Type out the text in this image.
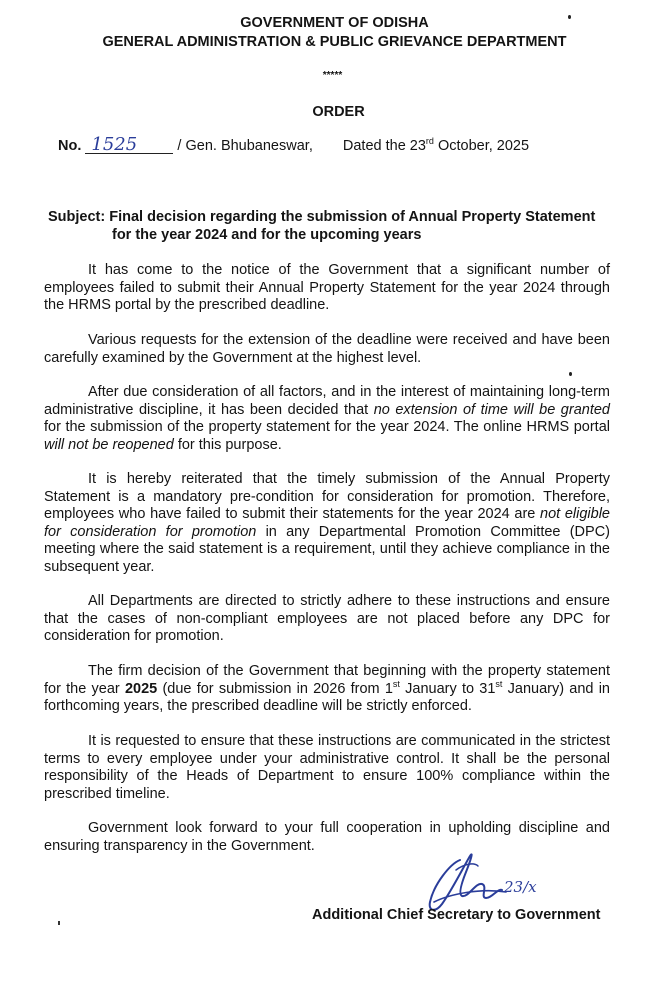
GOVERNMENT OF ODISHA
GENERAL ADMINISTRATION & PUBLIC GRIEVANCE DEPARTMENT
*****
ORDER
No. 1525	/ Gen. Bhubaneswar, Dated the 23rd October, 2025
Subject: Final decision regarding the submission of Annual Property Statement
for the year 2024 and for the upcoming years
It has come to the notice of the Government that a significant number of employees failed to submit their Annual Property Statement for the year 2024 through the HRMS portal by the prescribed deadline.
Various requests for the extension of the deadline were received and have been carefully examined by the Government at the highest level.
After due consideration of all factors, and in the interest of maintaining long-term administrative discipline, it has been decided that no extension of time will be granted for the submission of the property statement for the year 2024. The online HRMS portal will not be reopened for this purpose.
It is hereby reiterated that the timely submission of the Annual Property Statement is a mandatory pre-condition for consideration for promotion. Therefore, employees who have failed to submit their statements for the year 2024 are not eligible for consideration for promotion in any Departmental Promotion Committee (DPC) meeting where the said statement is a requirement, until they achieve compliance in the subsequent year.
All Departments are directed to strictly adhere to these instructions and ensure that the cases of non-compliant employees are not placed before any DPC for consideration for promotion.
The firm decision of the Government that beginning with the property statement for the year 2025 (due for submission in 2026 from 1st January to 31st January) and in forthcoming years, the prescribed deadline will be strictly enforced.
It is requested to ensure that these instructions are communicated in the strictest terms to every employee under your administrative control. It shall be the personal responsibility of the Heads of Department to ensure 100% compliance within the prescribed timeline.
Government look forward to your full cooperation in upholding discipline and ensuring transparency in the Government.
23/x
Additional Chief Secretary to Government
